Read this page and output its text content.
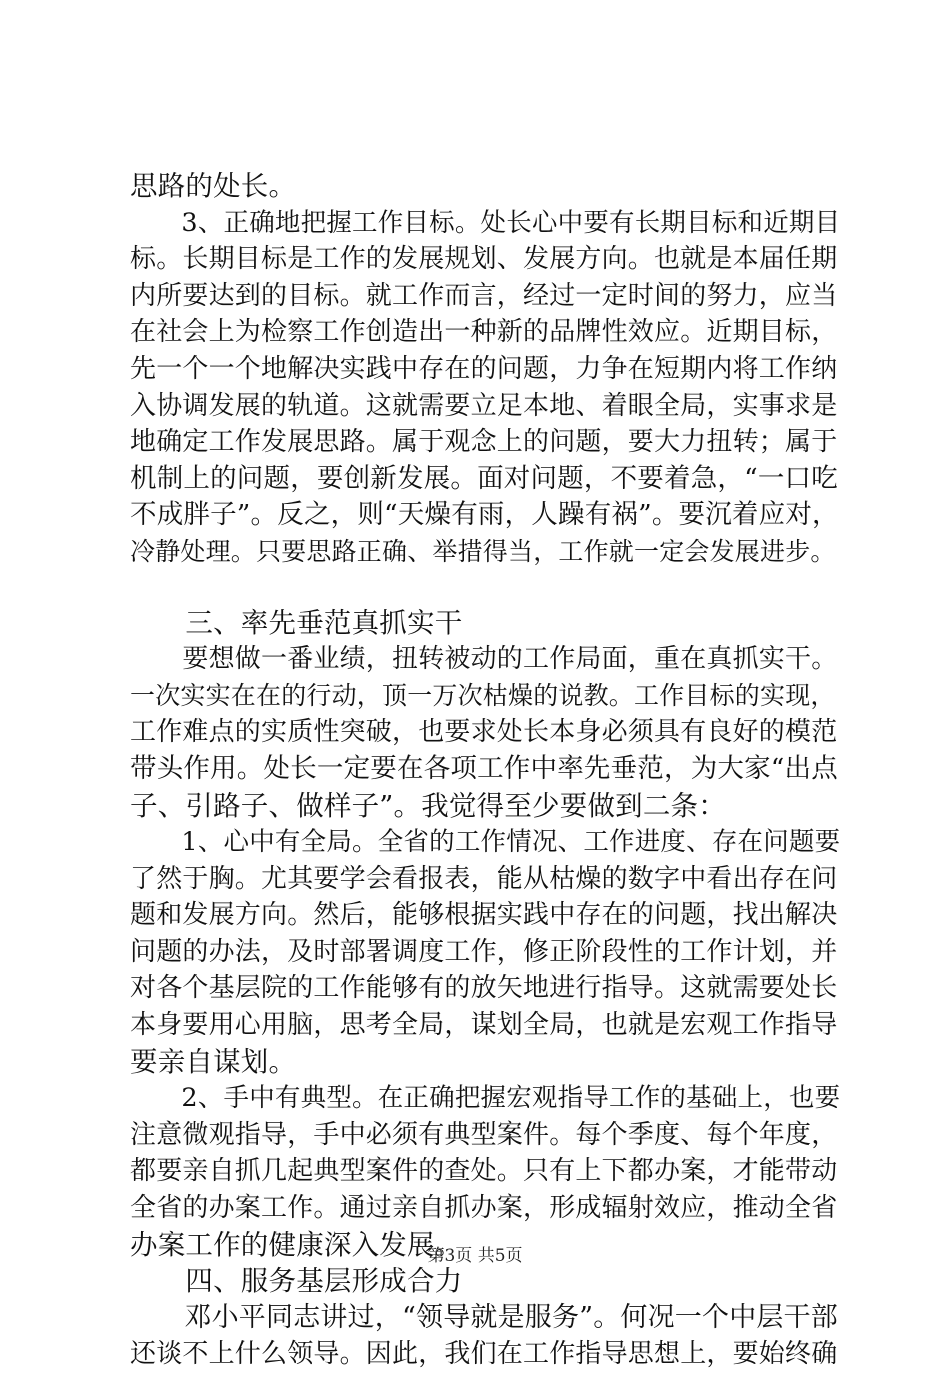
思路的处长。
　　3、正确地把握工作目标。处长心中要有长期目标和近期目
标。长期目标是工作的发展规划、发展方向。也就是本届任期
内所要达到的目标。就工作而言，经过一定时间的努力，应当
在社会上为检察工作创造出一种新的品牌性效应。近期目标，
先一个一个地解决实践中存在的问题，力争在短期内将工作纳
入协调发展的轨道。这就需要立足本地、着眼全局，实事求是
地确定工作发展思路。属于观念上的问题，要大力扭转；属于
机制上的问题，要创新发展。面对问题，不要着急，“一口吃
不成胖子”。反之，则“天燥有雨，人躁有祸”。要沉着应对，
冷静处理。只要思路正确、举措得当，工作就一定会发展进步。
　　三、率先垂范真抓实干
　　要想做一番业绩，扭转被动的工作局面，重在真抓实干。
一次实实在在的行动，顶一万次枯燥的说教。工作目标的实现，
工作难点的实质性突破，也要求处长本身必须具有良好的模范
带头作用。处长一定要在各项工作中率先垂范，为大家“出点
子、引路子、做样子”。我觉得至少要做到二条：
　　1、心中有全局。全省的工作情况、工作进度、存在问题要
了然于胸。尤其要学会看报表，能从枯燥的数字中看出存在问
题和发展方向。然后，能够根据实践中存在的问题，找出解决
问题的办法，及时部署调度工作，修正阶段性的工作计划，并
对各个基层院的工作能够有的放矢地进行指导。这就需要处长
本身要用心用脑，思考全局，谋划全局，也就是宏观工作指导
要亲自谋划。
　　2、手中有典型。在正确把握宏观指导工作的基础上，也要
注意微观指导，手中必须有典型案件。每个季度、每个年度，
都要亲自抓几起典型案件的查处。只有上下都办案，才能带动
全省的办案工作。通过亲自抓办案，形成辐射效应，推动全省
办案工作的健康深入发展。
　　四、服务基层形成合力
　　邓小平同志讲过，“领导就是服务”。何况一个中层干部
还谈不上什么领导。因此，我们在工作指导思想上，要始终确
第3页 共5页
